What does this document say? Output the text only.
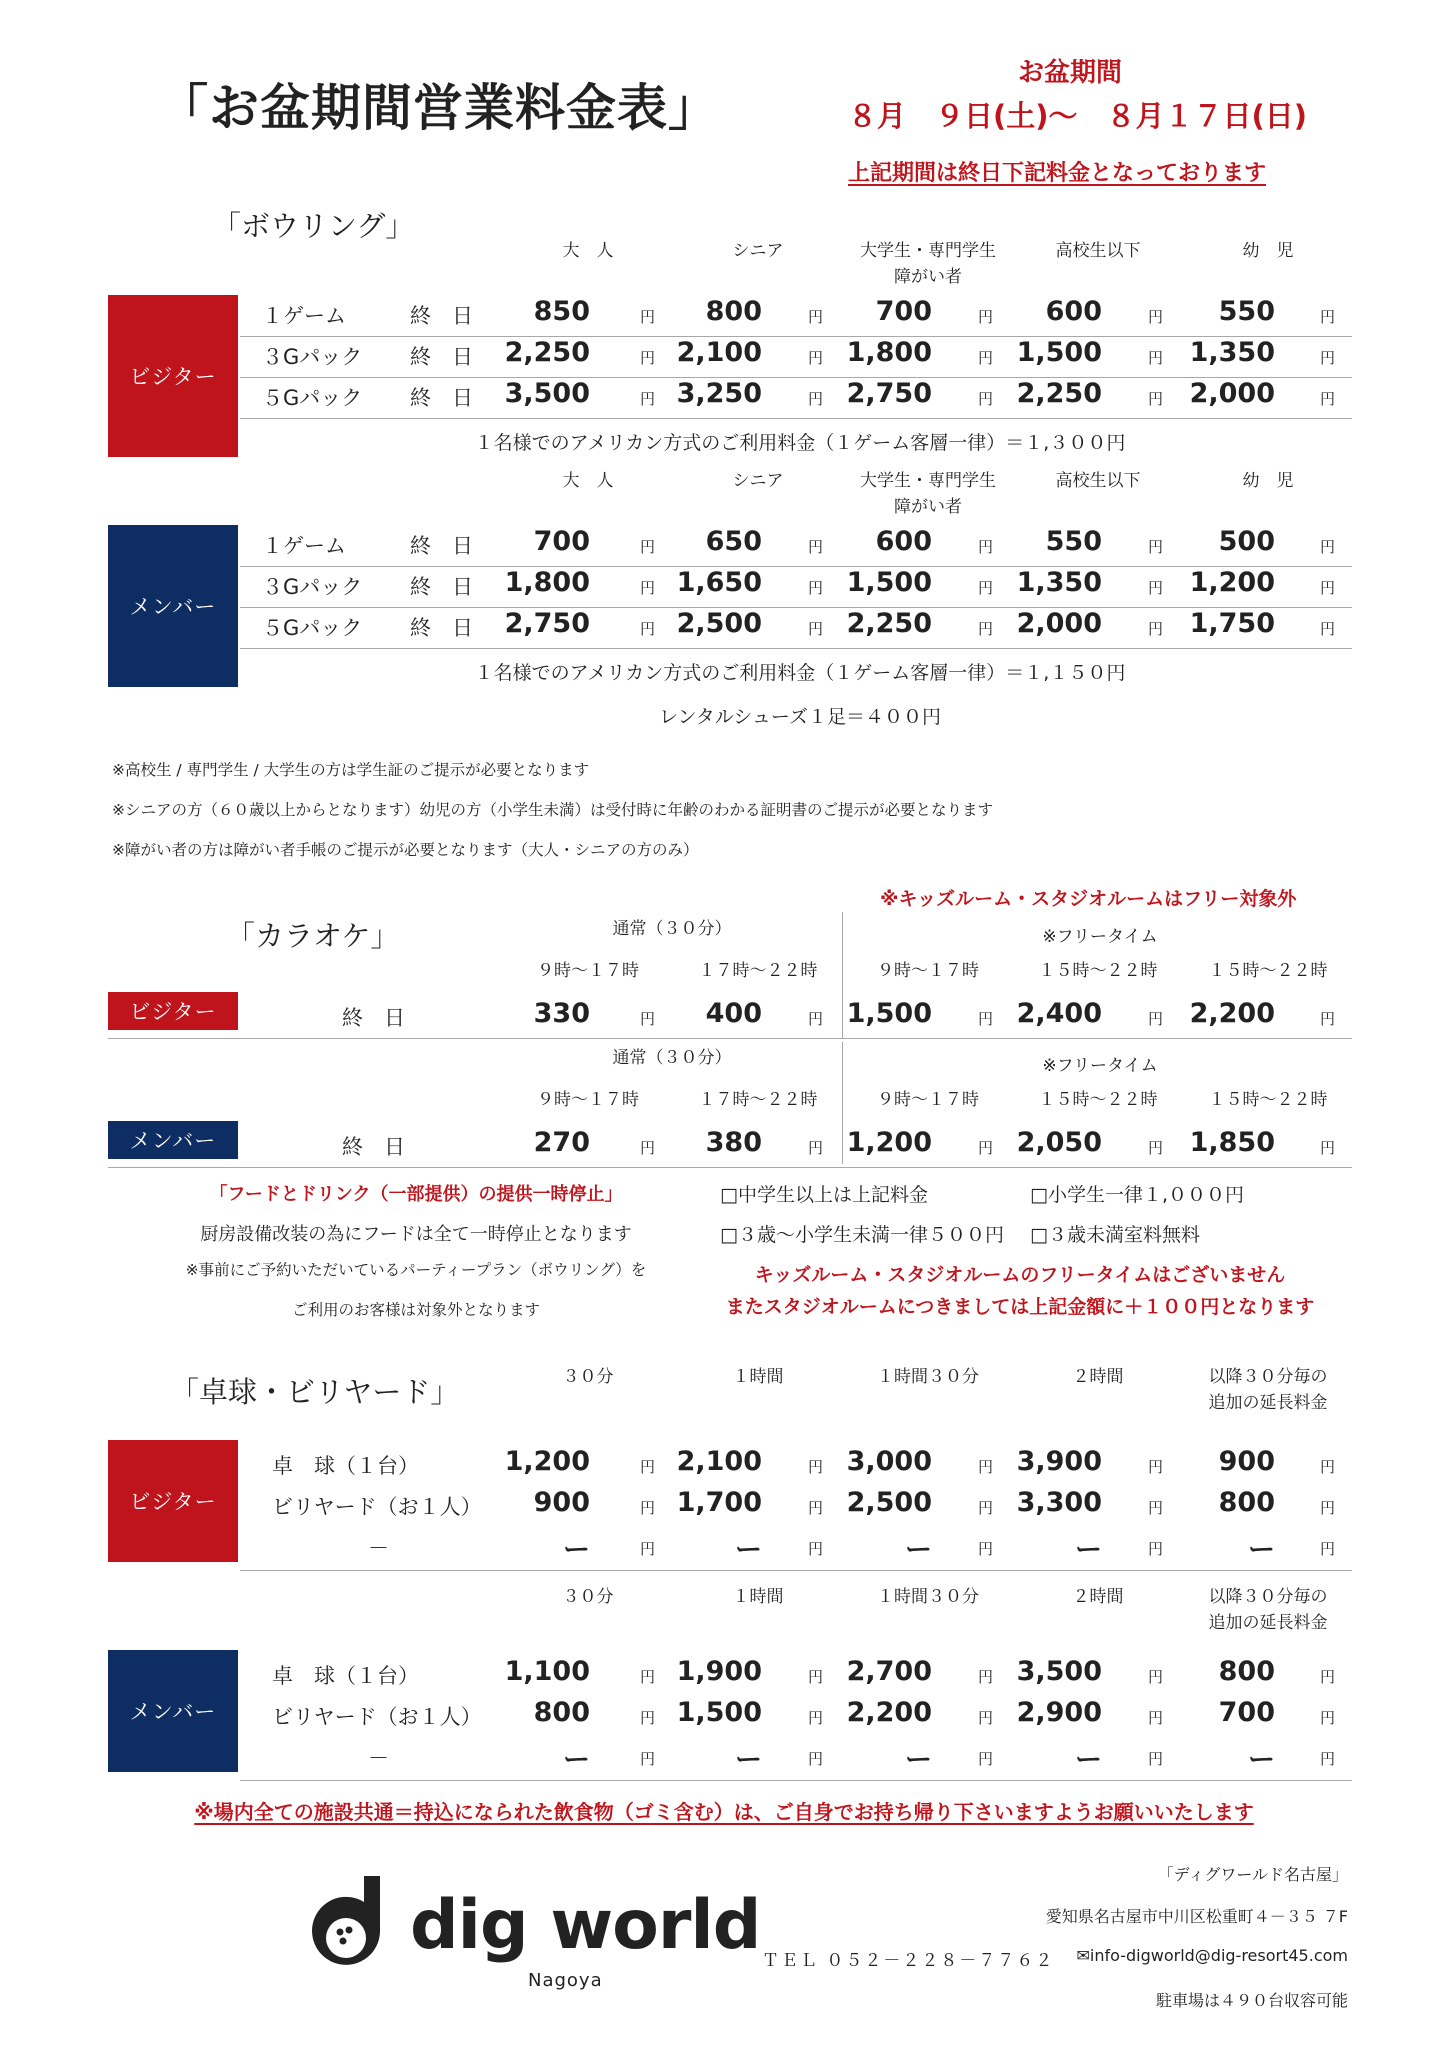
「お盆期間営業料金表」
お盆期間
８月　９日(土)～　８月１７日(日)
上記期間は終日下記料金となっております
「ボウリング」
大　人	シニア	大学生・専門学生
障がい者
高校生以下	幼　児
ビジター
１ゲーム	終　日	850	円	800	円	700	円	600	円	550	円
３Gパック 終　日	2,250	円 2,100	円 1,800	円 1,500	円 1,350	円
５Gパック 終　日	3,500	円 3,250	円 2,750	円 2,250	円 2,000	円
１名様でのアメリカン方式のご利用料金（１ゲーム客層一律）＝１,３００円
大　人	シニア	大学生・専門学生
障がい者
高校生以下	幼　児
メンバー
１ゲーム	終　日	700	円	650	円	600	円	550	円	500	円
３Gパック 終　日	1,800	円 1,650	円 1,500	円 1,350	円 1,200	円
５Gパック 終　日	2,750	円 2,500	円 2,250	円 2,000	円 1,750	円
１名様でのアメリカン方式のご利用料金（１ゲーム客層一律）＝１,１５０円
レンタルシューズ１足＝４００円
※高校生 / 専門学生 / 大学生の方は学生証のご提示が必要となります
※シニアの方（６０歳以上からとなります）幼児の方（小学生未満）は受付時に年齢のわかる証明書のご提示が必要となります
※障がい者の方は障がい者手帳のご提示が必要となります（大人・シニアの方のみ）
※キッズルーム・スタジオルームはフリー対象外
「カラオケ」	通常（３０分）	※フリータイム
９時～１７時	１７時～２２時	９時～１７時	１５時～２２時	１５時～２２時
終　日	330	円	400	円 1,500	円 2,400	円 2,200	円
ビジター
通常（３０分）	※フリータイム
９時～１７時	１７時～２２時	９時～１７時	１５時～２２時	１５時～２２時
終　日	270	円	380	円 1,200	円 2,050	円 1,850	円
メンバー
「フードとドリンク（一部提供）の提供一時停止」
厨房設備改装の為にフードは全て一時停止となります
※事前にご予約いただいているパーティープラン（ボウリング）を
ご利用のお客様は対象外となります
□中学生以上は上記料金	□小学生一律１,０００円
□３歳～小学生未満一律５００円 □３歳未満室料無料
キッズルーム・スタジオルームのフリータイムはございません
またスタジオルームにつきましては上記金額に＋１００円となります
「卓球・ビリヤード」	３０分	１時間	１時間３０分	２時間	以降３０分毎の
追加の延長料金
ビジター
卓　球（１台）	1,200	円 2,100	円 3,000	円 3,900	円	900	円
ビリヤード（お１人）	900	円 1,700	円 2,500	円 3,300	円	800	円
－	ー	円	ー	円	ー	円	ー	円	ー	円
３０分	１時間	１時間３０分	２時間	以降３０分毎の
追加の延長料金
メンバー
卓　球（１台）	1,100	円 1,900	円 2,700	円 3,500	円	800	円
ビリヤード（お１人）	800	円 1,500	円 2,200	円 2,900	円	700	円
－	ー	円	ー	円	ー	円	ー	円	ー	円
※場内全ての施設共通＝持込になられた飲食物（ゴミ含む）は、ご自身でお持ち帰り下さいますようお願いいたします
dig world
Nagoya
「ディグワールド名古屋」
愛知県名古屋市中川区松重町４－３５ ７F
ＴＥＬ ０５２－２２８－７７６２ ✉info-digworld@dig-resort45.com
駐車場は４９０台収容可能
